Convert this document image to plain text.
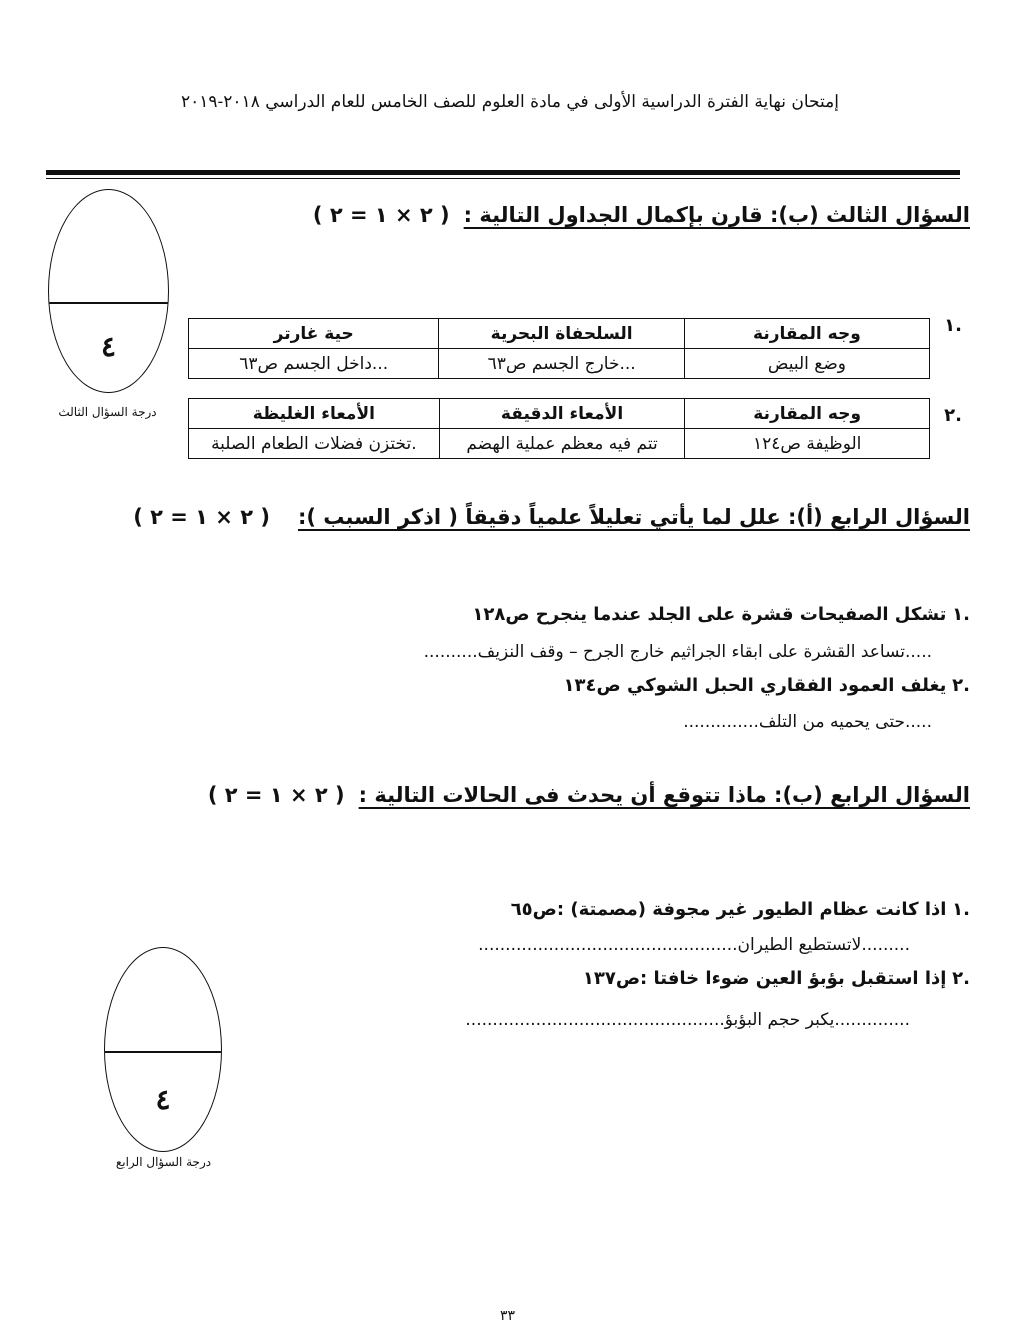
إمتحان نهاية الفترة الدراسية الأولى في مادة العلوم للصف الخامس للعام الدراسي ٢٠١٨-٢٠١٩
السؤال الثالث (ب): قارن بإكمال الجداول التالية :( ٢ × ١ = ٢ )
.١
وجه المقارنة	السلحفاة البحرية	حية غارتر
وضع البيض	...خارج الجسم ص٦٣	...داخل الجسم ص٦٣
.٢
وجه المقارنة	الأمعاء الدقيقة	الأمعاء الغليظة
الوظيفة ص١٢٤	تتم فيه معظم عملية الهضم	.تختزن فضلات الطعام الصلبة
٤
درجة السؤال الثالث
السؤال الرابع (أ): علل لما يأتي تعليلاً علمياً دقيقاً ( اذكر السبب ):( ٢ × ١ = ٢ )
.١ تشكل الصفيحات قشرة على الجلد عندما ينجرح ص١٢٨
.....تساعد القشرة على ابقاء الجراثيم خارج الجرح – وقف النزيف..........
.٢ يغلف العمود الفقاري الحبل الشوكي ص١٣٤
.....حتى يحميه من التلف..............
السؤال الرابع (ب): ماذا تتوقع أن يحدث فى الحالات التالية :( ٢ × ١ = ٢ )
.١ اذا كانت عظام الطيور غير مجوفة (مصمتة) :ص٦٥
.........لاتستطيع الطيران................................................
.٢ إذا استقبل بؤبؤ العين ضوءا خافتا :ص١٣٧
..............يكبر حجم البؤبؤ................................................
٤
درجة السؤال الرابع
٣٣
